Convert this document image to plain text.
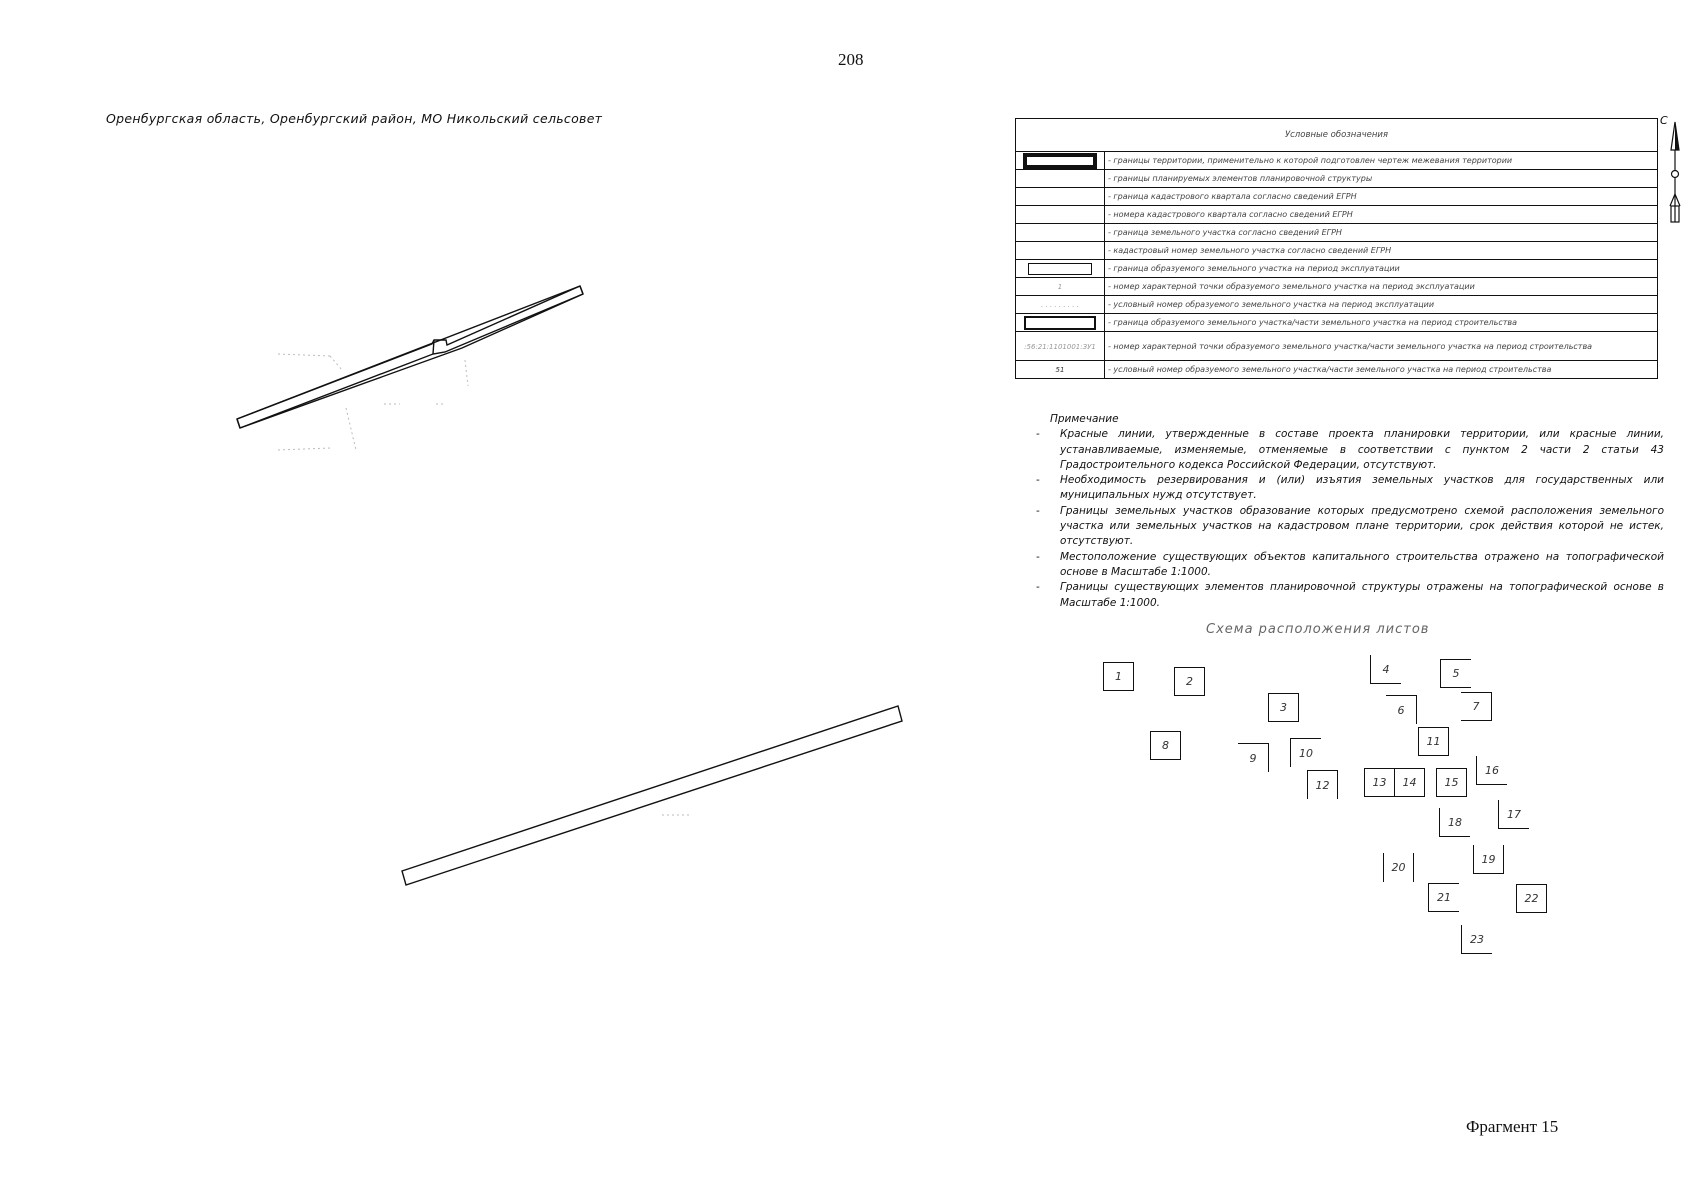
208
Оренбургская область, Оренбургский район, МО Никольский сельсовет
Условные обозначения	
	- границы территории, применительно к которой подготовлен чертеж межевания территории
	- границы планируемых элементов планировочной структуры
	- граница кадастрового квартала согласно сведений ЕГРН
	- номера кадастрового квартала согласно сведений ЕГРН
	- граница земельного участка согласно сведений ЕГРН
	- кадастровый номер земельного участка согласно сведений ЕГРН
	- граница образуемого земельного участка на период эксплуатации
1	- номер характерной точки образуемого земельного участка на период эксплуатации
. . . . . . . . .	- условный номер образуемого земельного участка на период эксплуатации
	- граница образуемого земельного участка/части земельного участка на период строительства
:56:21:1101001:ЗУ1	- номер характерной точки образуемого земельного участка/части земельного участка на период строительства
51	- условный номер образуемого земельного участка/части земельного участка на период строительства
С
Примечание
- Красные линии, утвержденные в составе проекта планировки территории, или красные линии, устанавливаемые, изменяемые, отменяемые в соответствии с пунктом 2 части 2 статьи 43 Градостроительного кодекса Российской Федерации, отсутствуют.
- Необходимость резервирования и (или) изъятия земельных участков для государственных или муниципальных нужд отсутствует.
- Границы земельных участков образование которых предусмотрено схемой расположения земельного участка или земельных участков на кадастровом плане территории, срок действия которой не истек, отсутствуют.
- Местоположение существующих объектов капитального строительства отражено на топографической основе в Масштабе 1:1000.
- Границы существующих элементов планировочной структуры отражены на топографической основе в Масштабе 1:1000.
Схема расположения листов
1	2
3
4	5
6	7
8
9	10
11
12	13	14	15
16
17
18
19
20
21	22
23
Фрагмент 15
